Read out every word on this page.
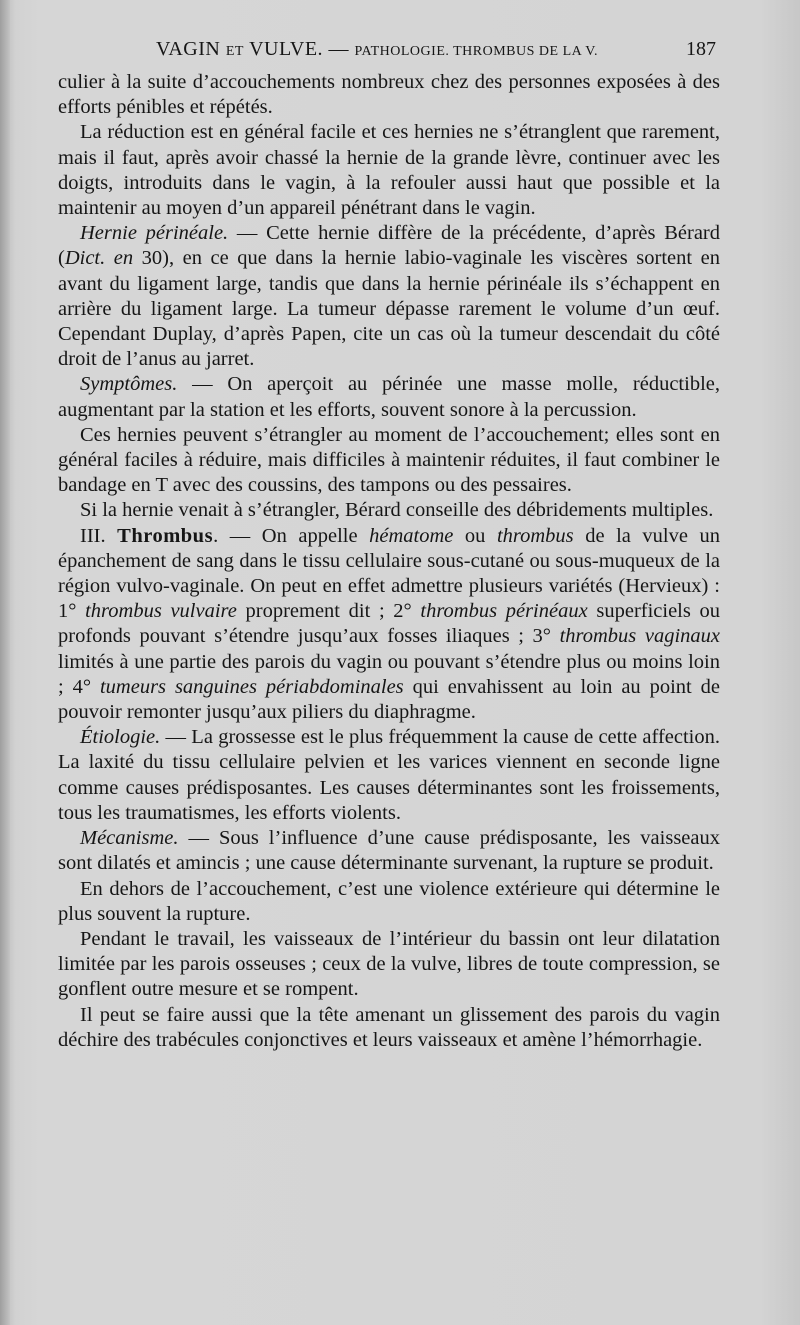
VAGIN ET VULVE. — PATHOLOGIE. THROMBUS DE LA V.	187

culier à la suite d’accouchements nombreux chez des personnes exposées à des efforts pénibles et répétés.

La réduction est en général facile et ces hernies ne s’étranglent que rarement, mais il faut, après avoir chassé la hernie de la grande lèvre, continuer avec les doigts, introduits dans le vagin, à la refouler aussi haut que possible et la maintenir au moyen d’un appareil pénétrant dans le vagin.

Hernie périnéale. — Cette hernie diffère de la précédente, d’après Bérard (Dict. en 30), en ce que dans la hernie labio-vaginale les viscères sortent en avant du ligament large, tandis que dans la hernie périnéale ils s’échappent en arrière du ligament large. La tumeur dépasse rarement le volume d’un œuf. Cependant Duplay, d’après Papen, cite un cas où la tumeur descendait du côté droit de l’anus au jarret.

Symptômes. — On aperçoit au périnée une masse molle, réductible, augmentant par la station et les efforts, souvent sonore à la percussion.

Ces hernies peuvent s’étrangler au moment de l’accouchement; elles sont en général faciles à réduire, mais difficiles à maintenir réduites, il faut combiner le bandage en T avec des coussins, des tampons ou des pessaires.

Si la hernie venait à s’étrangler, Bérard conseille des débridements multiples.

III. Thrombus. — On appelle hématome ou thrombus de la vulve un épanchement de sang dans le tissu cellulaire sous-cutané ou sous-muqueux de la région vulvo-vaginale. On peut en effet admettre plusieurs variétés (Hervieux) : 1° thrombus vulvaire proprement dit ; 2° thrombus périnéaux superficiels ou profonds pouvant s’étendre jusqu’aux fosses iliaques ; 3° thrombus vaginaux limités à une partie des parois du vagin ou pouvant s’étendre plus ou moins loin ; 4° tumeurs sanguines périabdominales qui envahissent au loin au point de pouvoir remonter jusqu’aux piliers du diaphragme.

Étiologie. — La grossesse est le plus fréquemment la cause de cette affection. La laxité du tissu cellulaire pelvien et les varices viennent en seconde ligne comme causes prédisposantes. Les causes déterminantes sont les froissements, tous les traumatismes, les efforts violents.

Mécanisme. — Sous l’influence d’une cause prédisposante, les vaisseaux sont dilatés et amincis ; une cause déterminante survenant, la rupture se produit.

En dehors de l’accouchement, c’est une violence extérieure qui détermine le plus souvent la rupture.

Pendant le travail, les vaisseaux de l’intérieur du bassin ont leur dilatation limitée par les parois osseuses ; ceux de la vulve, libres de toute compression, se gonflent outre mesure et se rompent.

Il peut se faire aussi que la tête amenant un glissement des parois du vagin déchire des trabécules conjonctives et leurs vaisseaux et amène l’hémorrhagie.
